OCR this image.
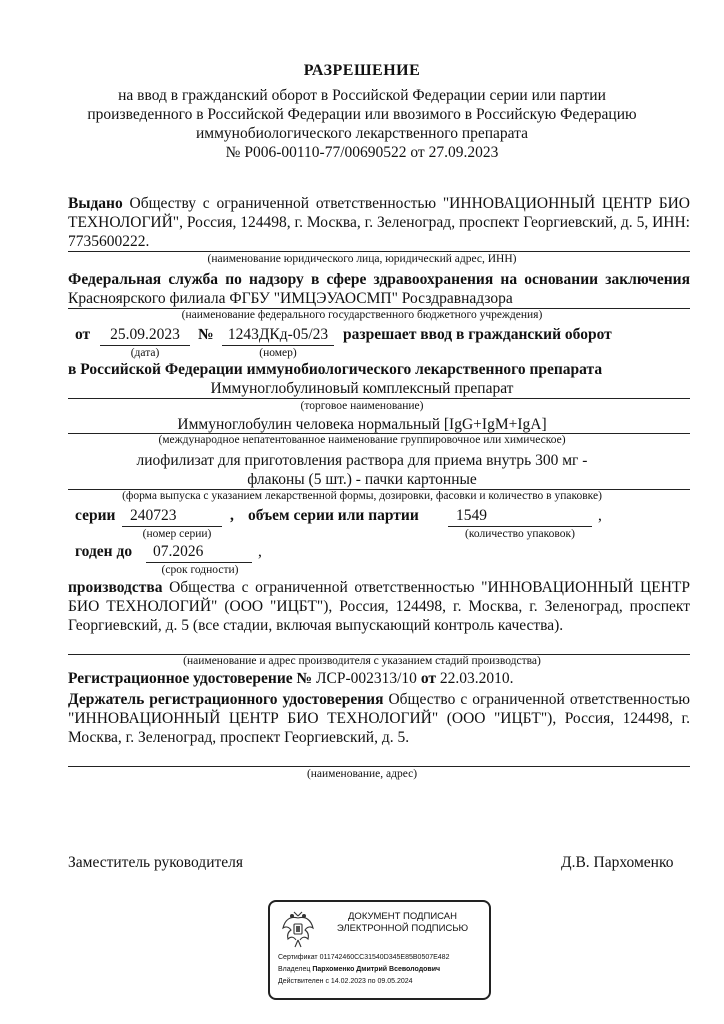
РАЗРЕШЕНИЕ
на ввод в гражданский оборот в Российской Федерации серии или партии
произведенного в Российской Федерации или ввозимого в Российскую Федерацию
иммунобиологического лекарственного препарата
№ Р006-00110-77/00690522 от 27.09.2023
Выдано Обществу с ограниченной ответственностью "ИННОВАЦИОННЫЙ ЦЕНТР БИО ТЕХНОЛОГИЙ", Россия, 124498, г. Москва, г. Зеленоград, проспект Георгиевский, д. 5, ИНН: 7735600222.
(наименование юридического лица, юридический адрес, ИНН)
Федеральная служба по надзору в сфере здравоохранения на основании заключения Красноярского филиала ФГБУ "ИМЦЭУАОСМП" Росздравнадзора
(наименование федерального государственного бюджетного учреждения)
от	25.09.2023	№ 1243ДКд-05/23 разрешает ввод в гражданский оборот
(дата)	(номер)
в Российской Федерации иммунобиологического лекарственного препарата
Иммуноглобулиновый комплексный препарат
(торговое наименование)
Иммуноглобулин человека нормальный [IgG+IgM+IgA]
(международное непатентованное наименование группировочное или химическое)
лиофилизат для приготовления раствора для приема внутрь 300 мг -
флаконы (5 шт.) - пачки картонные
(форма выпуска с указанием лекарственной формы, дозировки, фасовки и количество в упаковке)
серии 240723	, объем серии или партии 1549	,
(номер серии)	(количество упаковок)
годен до 07.2026	,
(срок годности)
производства Общества с ограниченной ответственностью "ИННОВАЦИОННЫЙ ЦЕНТР БИО ТЕХНОЛОГИЙ" (ООО "ИЦБТ"), Россия, 124498, г. Москва, г. Зеленоград, проспект Георгиевский, д. 5 (все стадии, включая выпускающий контроль качества).
(наименование и адрес производителя с указанием стадий производства)
Регистрационное удостоверение № ЛСР-002313/10 от 22.03.2010.
Держатель регистрационного удостоверения Общество с ограниченной ответственностью "ИННОВАЦИОННЫЙ ЦЕНТР БИО ТЕХНОЛОГИЙ" (ООО "ИЦБТ"), Россия, 124498, г. Москва, г. Зеленоград, проспект Георгиевский, д. 5.
(наименование, адрес)
Заместитель руководителя	Д.В. Пархоменко
ДОКУМЕНТ ПОДПИСАН
ЭЛЕКТРОННОЙ ПОДПИСЬЮ
Сертификат 011742460CC31540D345E85B0507E482
Владелец Пархоменко Дмитрий Всеволодович
Действителен с 14.02.2023 по 09.05.2024
